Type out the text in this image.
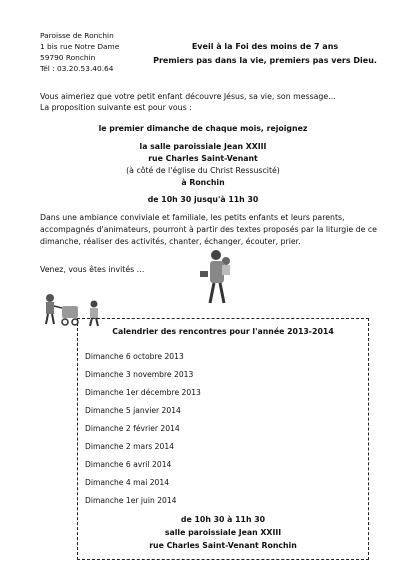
Paroisse de Ronchin
1 bis rue Notre Dame
59790 Ronchin
Tél : 03.20.53.40.64
Eveil à la Foi des moins de 7 ans
Premiers pas dans la vie, premiers pas vers Dieu.
Vous aimeriez que votre petit enfant découvre Jésus, sa vie, son message…
La proposition suivante est pour vous :
le premier dimanche de chaque mois, rejoignez
la salle paroissiale Jean XXIII
rue Charles Saint-Venant
(à côté de l'église du Christ Ressuscité)
à Ronchin
de 10h 30 jusqu'à 11h 30
Dans une ambiance conviviale et familiale, les petits enfants et leurs parents, accompagnés d'animateurs, pourront à partir des textes proposés par la liturgie de ce dimanche, réaliser des activités, chanter, échanger, écouter, prier.
Venez, vous êtes invités …
Calendrier des rencontres pour l'année 2013-2014
Dimanche 6 octobre 2013
Dimanche 3 novembre 2013
Dimanche 1er décembre 2013
Dimanche 5 janvier 2014
Dimanche 2 février 2014
Dimanche 2 mars 2014
Dimanche 6 avril 2014
Dimanche 4 mai 2014
Dimanche 1er juin 2014
de 10h 30 à 11h 30
salle paroissiale Jean XXIII
rue Charles Saint-Venant Ronchin
